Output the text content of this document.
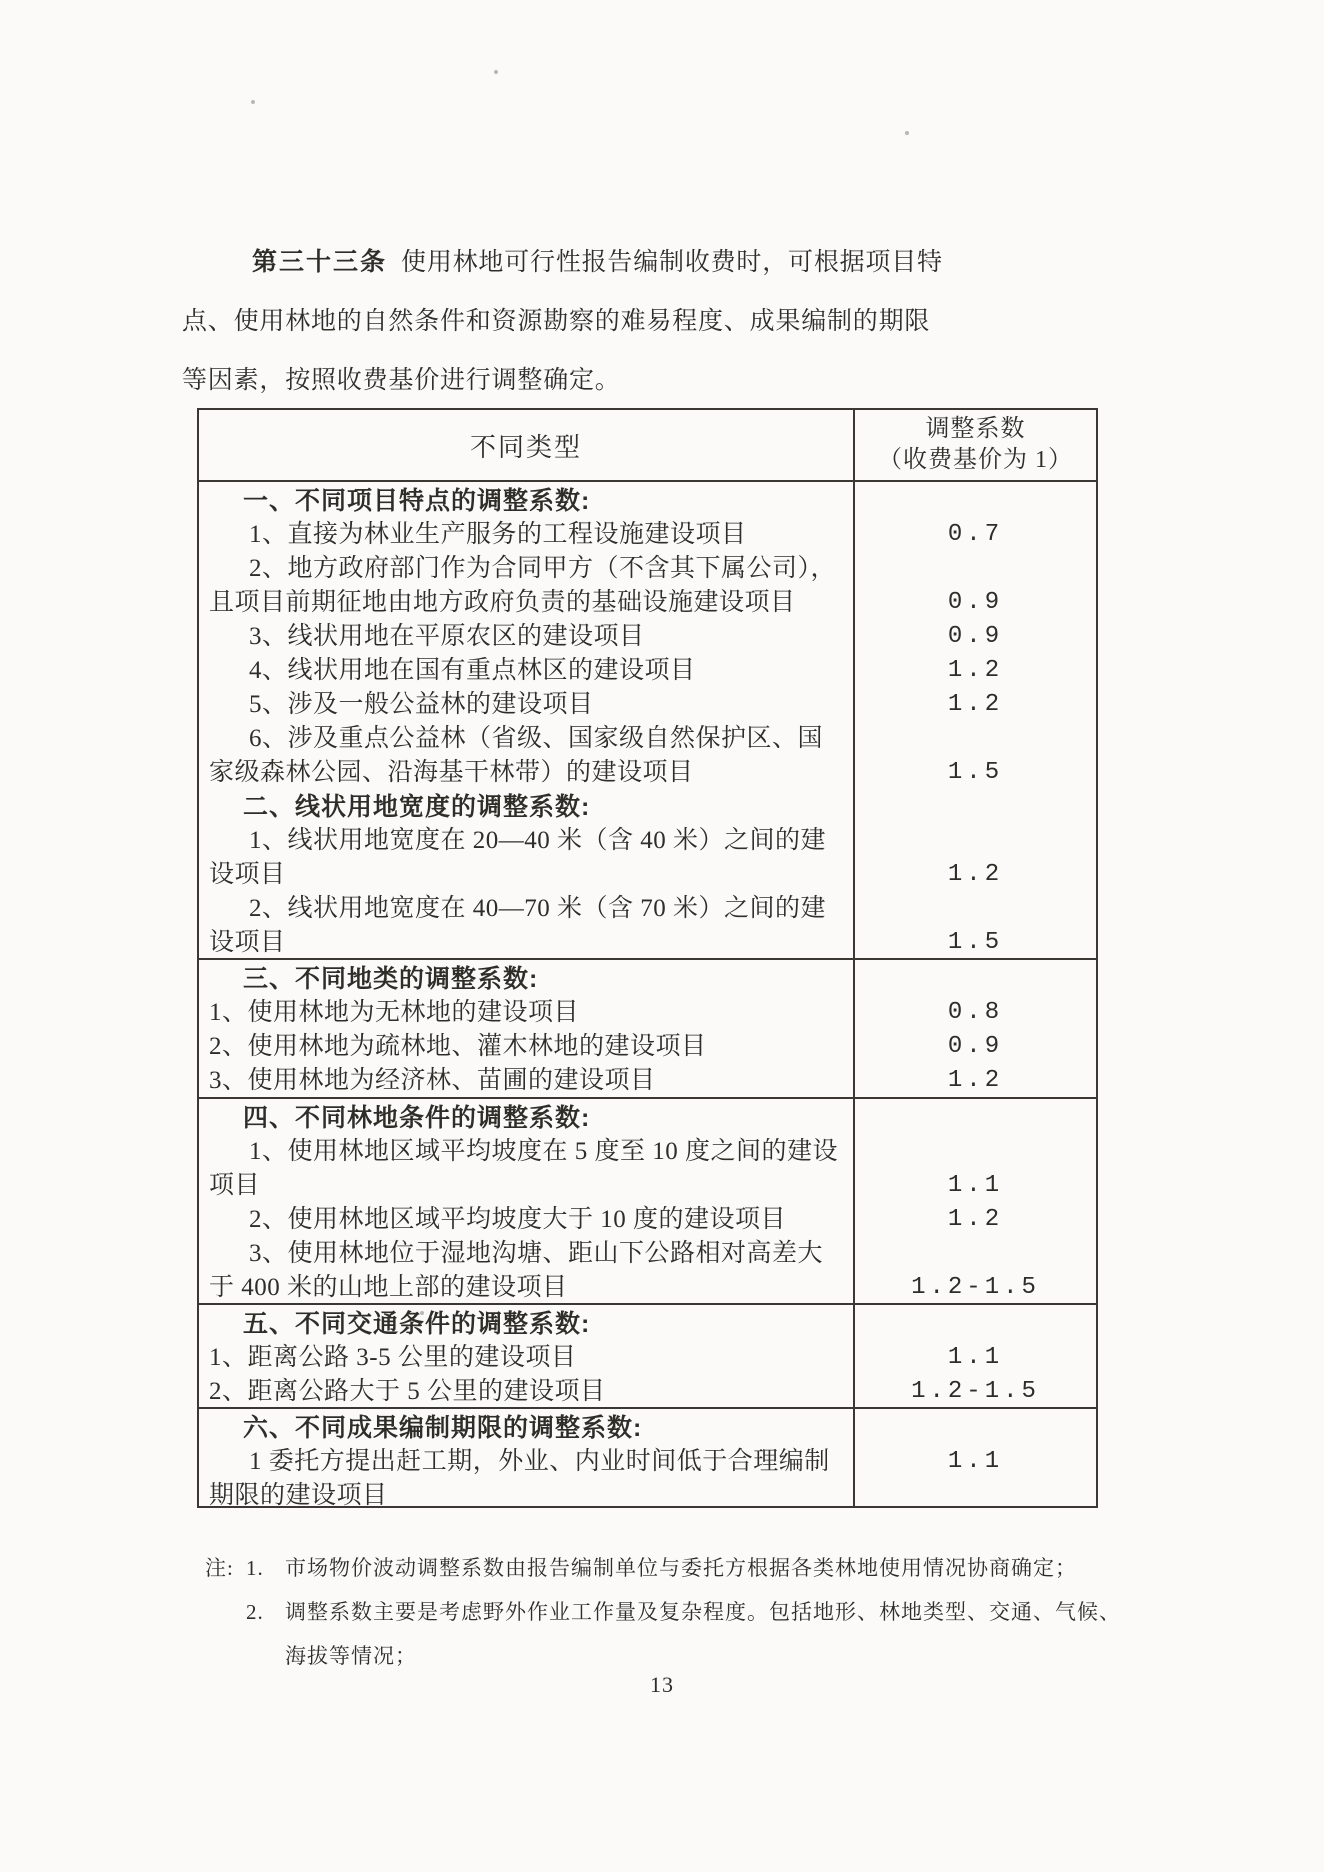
第三十三条 使用林地可行性报告编制收费时，可根据项目特
点、使用林地的自然条件和资源勘察的难易程度、成果编制的期限
等因素，按照收费基价进行调整确定。
不同类型
调整系数
（收费基价为 1）
一、不同项目特点的调整系数:
1、直接为林业生产服务的工程设施建设项目
2、地方政府部门作为合同甲方（不含其下属公司），
且项目前期征地由地方政府负责的基础设施建设项目
3、线状用地在平原农区的建设项目
4、线状用地在国有重点林区的建设项目
5、涉及一般公益林的建设项目
6、涉及重点公益林（省级、国家级自然保护区、国
家级森林公园、沿海基干林带）的建设项目
二、线状用地宽度的调整系数:
1、线状用地宽度在 20—40 米（含 40 米）之间的建
设项目
2、线状用地宽度在 40—70 米（含 70 米）之间的建
设项目
0.7
0.9
0.9
1.2
1.2
1.5
1.2
1.5
三、不同地类的调整系数:
1、使用林地为无林地的建设项目
2、使用林地为疏林地、灌木林地的建设项目
3、使用林地为经济林、苗圃的建设项目
0.8
0.9
1.2
四、不同林地条件的调整系数:
1、使用林地区域平均坡度在 5 度至 10 度之间的建设
项目
2、使用林地区域平均坡度大于 10 度的建设项目
3、使用林地位于湿地沟塘、距山下公路相对高差大
于 400 米的山地上部的建设项目
1.1
1.2
1.2-1.5
五、不同交通条件的调整系数:
1、距离公路 3-5 公里的建设项目
2、距离公路大于 5 公里的建设项目
1.1
1.2-1.5
六、不同成果编制期限的调整系数:
1 委托方提出赶工期，外业、内业时间低于合理编制
期限的建设项目
1.1
注: 1.	市场物价波动调整系数由报告编制单位与委托方根据各类林地使用情况协商确定；
2.	调整系数主要是考虑野外作业工作量及复杂程度。包括地形、林地类型、交通、气候、
海拔等情况；
13
